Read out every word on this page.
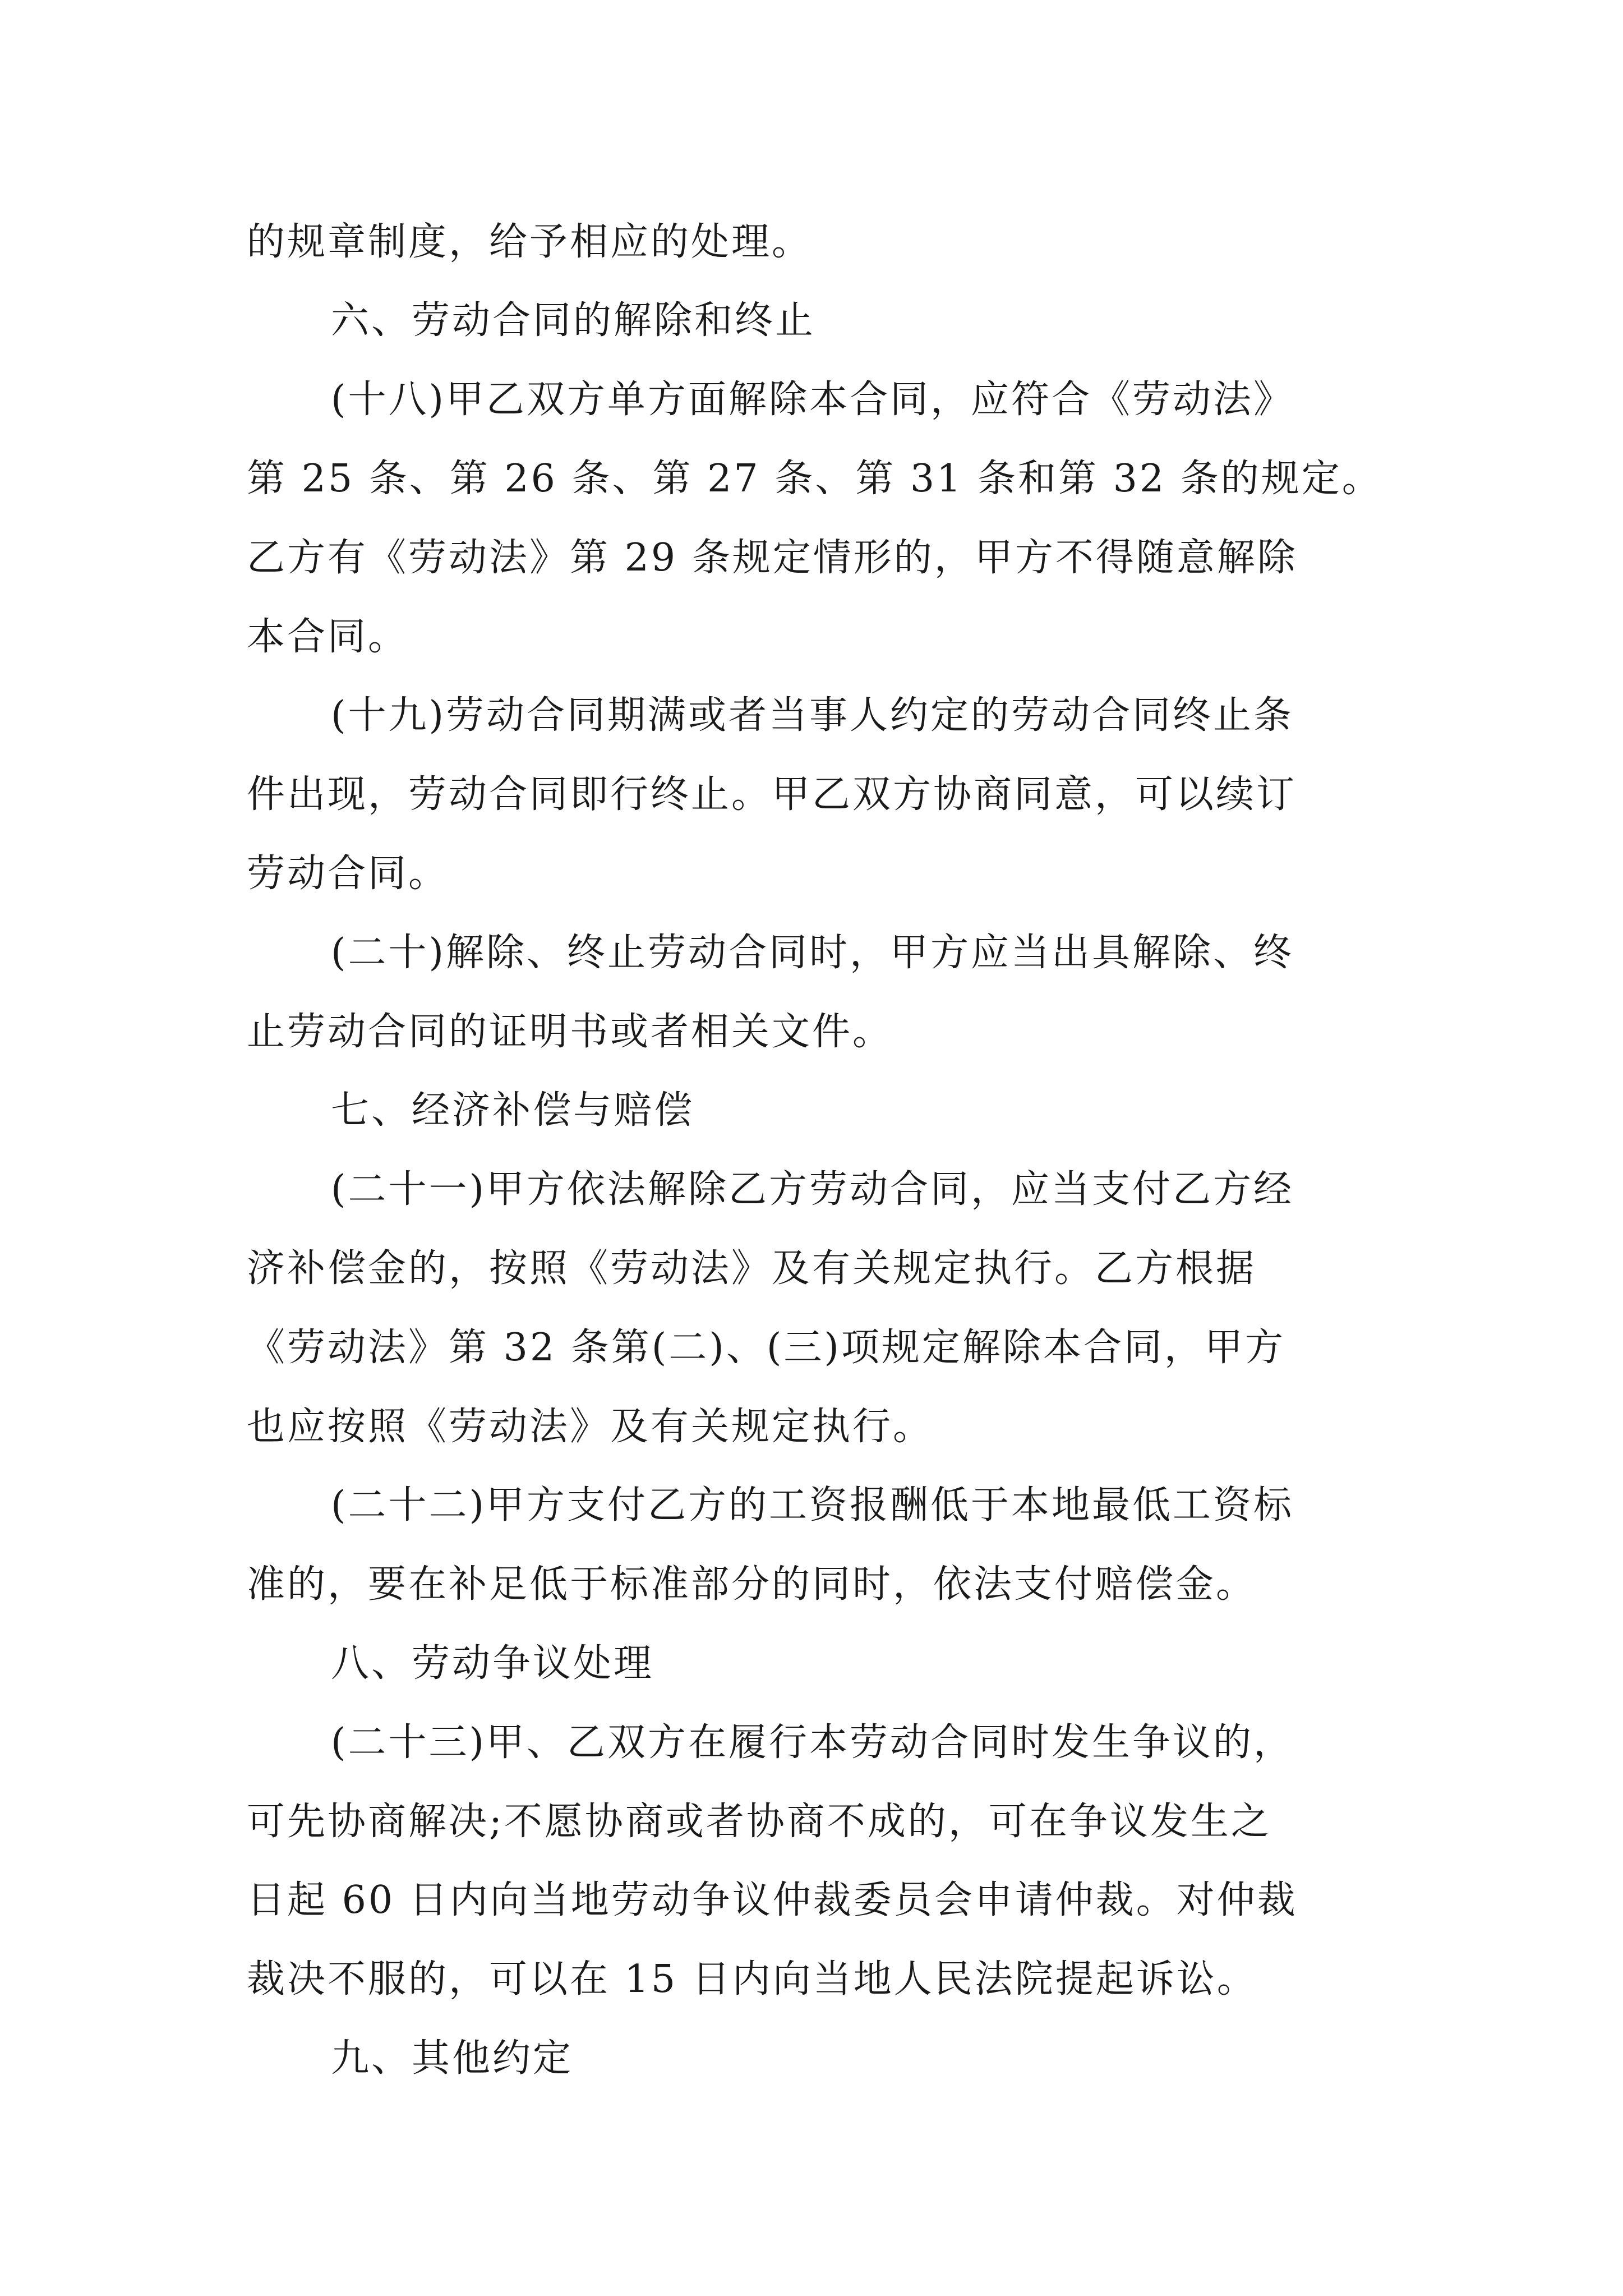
的规章制度，给予相应的处理。
六、劳动合同的解除和终止
(十八)甲乙双方单方面解除本合同，应符合《劳动法》
第 25 条、第 26 条、第 27 条、第 31 条和第 32 条的规定。
乙方有《劳动法》第 29 条规定情形的，甲方不得随意解除
本合同。
(十九)劳动合同期满或者当事人约定的劳动合同终止条
件出现，劳动合同即行终止。甲乙双方协商同意，可以续订
劳动合同。
(二十)解除、终止劳动合同时，甲方应当出具解除、终
止劳动合同的证明书或者相关文件。
七、经济补偿与赔偿
(二十一)甲方依法解除乙方劳动合同，应当支付乙方经
济补偿金的，按照《劳动法》及有关规定执行。乙方根据
《劳动法》第 32 条第(二)、(三)项规定解除本合同，甲方
也应按照《劳动法》及有关规定执行。
(二十二)甲方支付乙方的工资报酬低于本地最低工资标
准的，要在补足低于标准部分的同时，依法支付赔偿金。
八、劳动争议处理
(二十三)甲、乙双方在履行本劳动合同时发生争议的，
可先协商解决;不愿协商或者协商不成的，可在争议发生之
日起 60 日内向当地劳动争议仲裁委员会申请仲裁。对仲裁
裁决不服的，可以在 15 日内向当地人民法院提起诉讼。
九、其他约定
